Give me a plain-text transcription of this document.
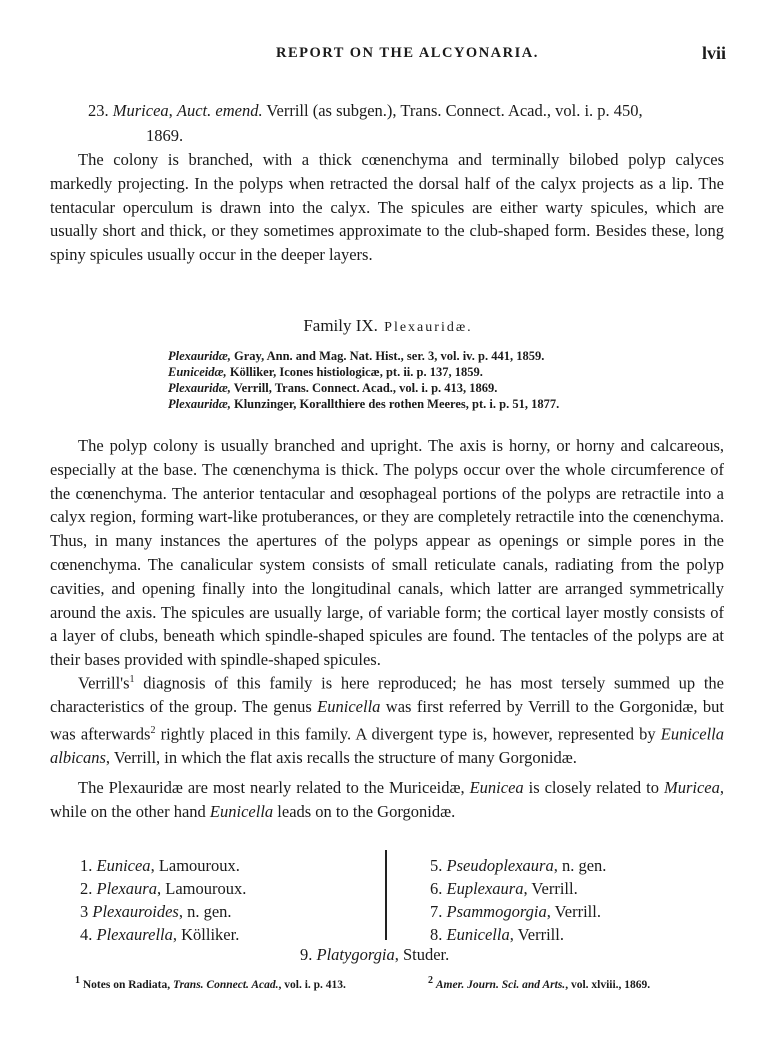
REPORT ON THE ALCYONARIA.	lvii
23. Muricea, Auct. emend. Verrill (as subgen.), Trans. Connect. Acad., vol. i. p. 450,
1869.
The colony is branched, with a thick cœnenchyma and terminally bilobed polyp calyces markedly projecting. In the polyps when retracted the dorsal half of the calyx projects as a lip. The tentacular operculum is drawn into the calyx. The spicules are either warty spicules, which are usually short and thick, or they sometimes approximate to the club-shaped form. Besides these, long spiny spicules usually occur in the deeper layers.
Family IX. Plexauridæ.
Plexauridæ, Gray, Ann. and Mag. Nat. Hist., ser. 3, vol. iv. p. 441, 1859.
Euniceidæ, Kölliker, Icones histiologicæ, pt. ii. p. 137, 1859.
Plexauridæ, Verrill, Trans. Connect. Acad., vol. i. p. 413, 1869.
Plexauridæ, Klunzinger, Korallthiere des rothen Meeres, pt. i. p. 51, 1877.
The polyp colony is usually branched and upright. The axis is horny, or horny and calcareous, especially at the base. The cœnenchyma is thick. The polyps occur over the whole circumference of the cœnenchyma. The anterior tentacular and œsophageal portions of the polyps are retractile into a calyx region, forming wart-like protuberances, or they are completely retractile into the cœnenchyma. Thus, in many instances the apertures of the polyps appear as openings or simple pores in the cœnenchyma. The canalicular system consists of small reticulate canals, radiating from the polyp cavities, and opening finally into the longitudinal canals, which latter are arranged symmetrically around the axis. The spicules are usually large, of variable form; the cortical layer mostly consists of a layer of clubs, beneath which spindle-shaped spicules are found. The tentacles of the polyps are at their bases provided with spindle-shaped spicules.
$Verrill's^1$ diagnosis of this family is here reproduced; he has most tersely summed up the characteristics of the group. The genus Eunicella was first referred by Verrill to the Gorgonidæ, but was afterwards$^2$ rightly placed in this family. A divergent type is, however, represented by Eunicella albicans, Verrill, in which the flat axis recalls the structure of many Gorgonidæ.
The Plexauridæ are most nearly related to the Muriceidæ, Eunicea is closely related to Muricea, while on the other hand Eunicella leads on to the Gorgonidæ.
1. Eunicea, Lamouroux.
2. Plexaura, Lamouroux.
3 Plexauroides, n. gen.
4. Plexaurella, Kölliker.
5. Pseudoplexaura, n. gen.
6. Euplexaura, Verrill.
7. Psammogorgia, Verrill.
8. Eunicella, Verrill.
9. Platygorgia, Studer.
$^1$ Notes on Radiata, Trans. Connect. Acad., vol. i. p. 413.	$^2$ Amer. Journ. Sci. and Arts., vol. xlviii., 1869.
